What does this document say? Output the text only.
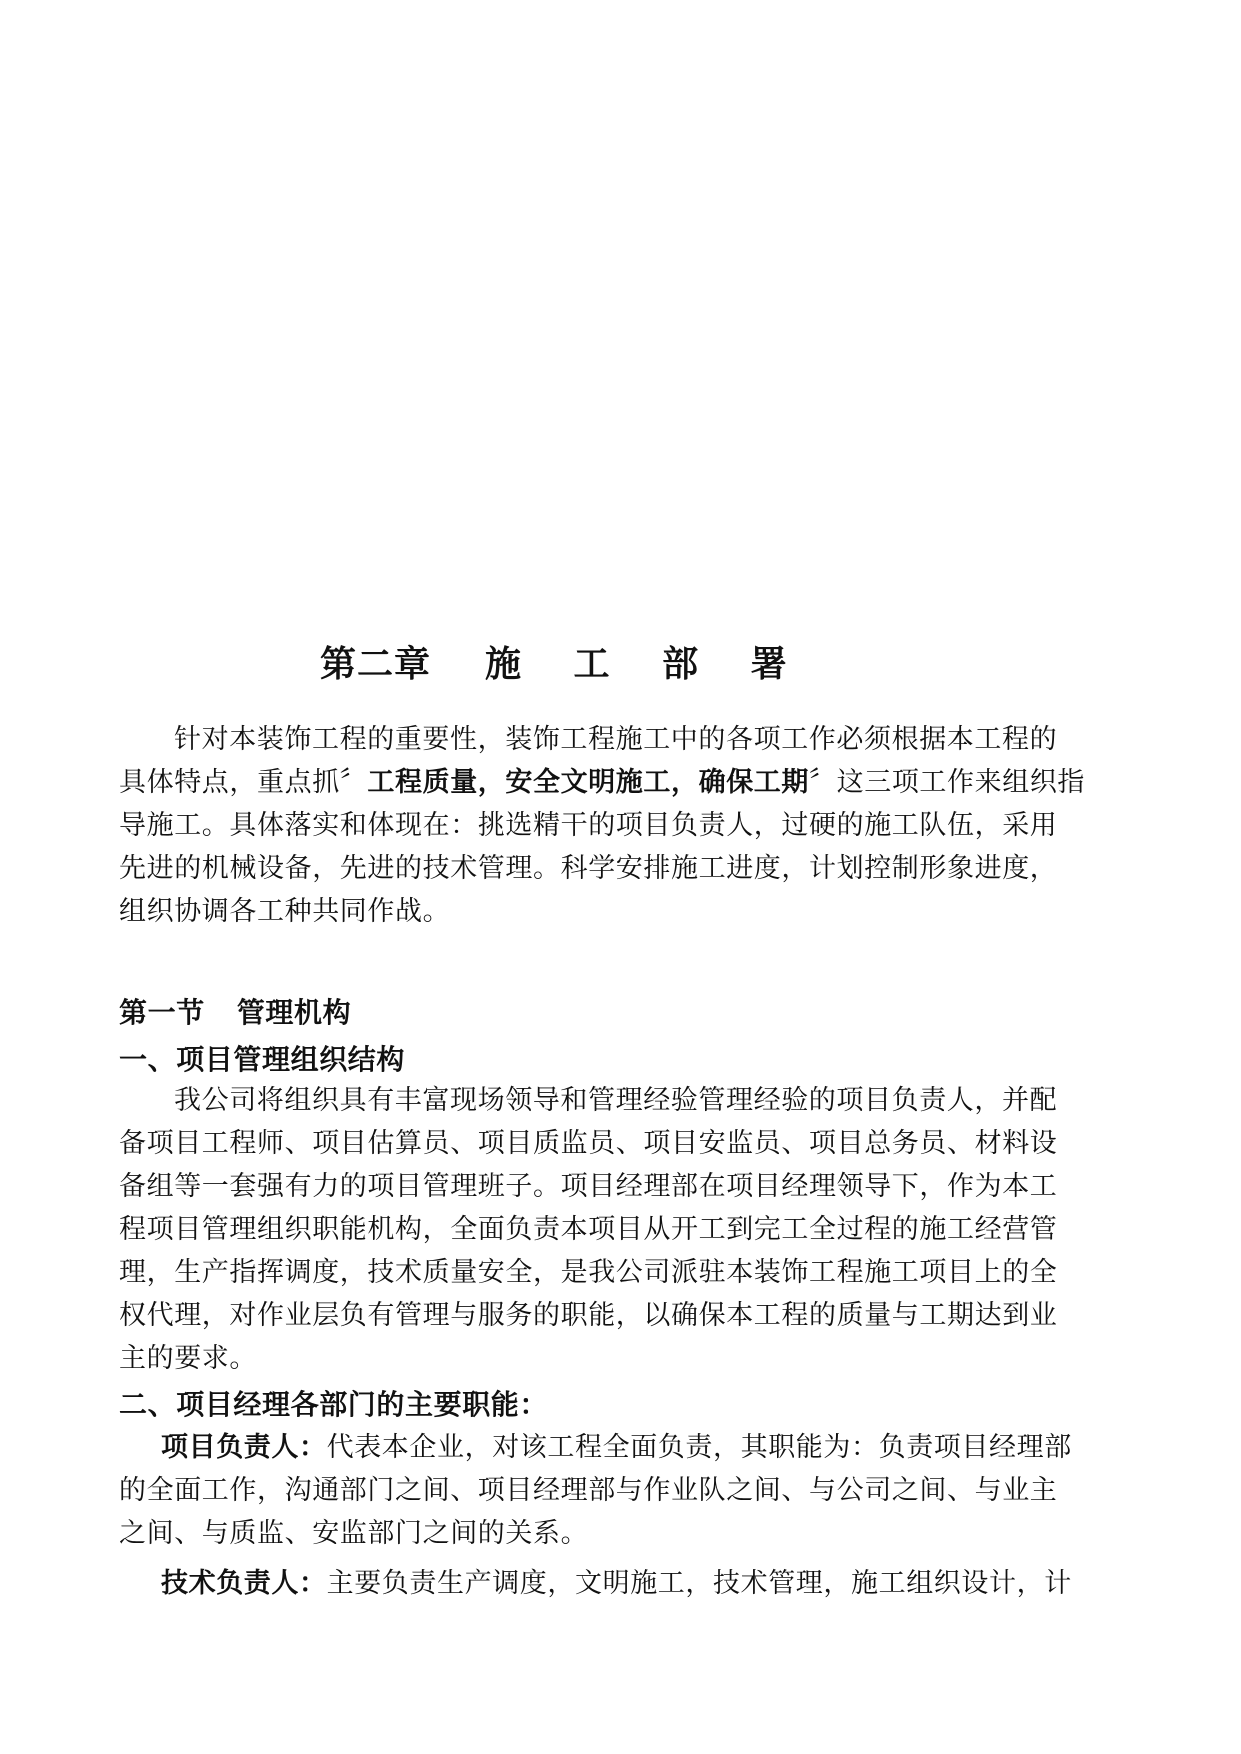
第二章 施 工 部 署
针对本装饰工程的重要性，装饰工程施工中的各项工作必须根据本工程的
具体特点，重点抓〞工程质量，安全文明施工，确保工期〞这三项工作来组织指
导施工。具体落实和体现在：挑选精干的项目负责人，过硬的施工队伍，采用
先进的机械设备，先进的技术管理。科学安排施工进度，计划控制形象进度，
组织协调各工种共同作战。
第一节 管理机构
一、项目管理组织结构
我公司将组织具有丰富现场领导和管理经验管理经验的项目负责人，并配
备项目工程师、项目估算员、项目质监员、项目安监员、项目总务员、材料设
备组等一套强有力的项目管理班子。项目经理部在项目经理领导下，作为本工
程项目管理组织职能机构，全面负责本项目从开工到完工全过程的施工经营管
理，生产指挥调度，技术质量安全，是我公司派驻本装饰工程施工项目上的全
权代理，对作业层负有管理与服务的职能，以确保本工程的质量与工期达到业
主的要求。
二、项目经理各部门的主要职能：
项目负责人：代表本企业，对该工程全面负责，其职能为：负责项目经理部
的全面工作，沟通部门之间、项目经理部与作业队之间、与公司之间、与业主
之间、与质监、安监部门之间的关系。
技术负责人：主要负责生产调度，文明施工，技术管理，施工组织设计，计
